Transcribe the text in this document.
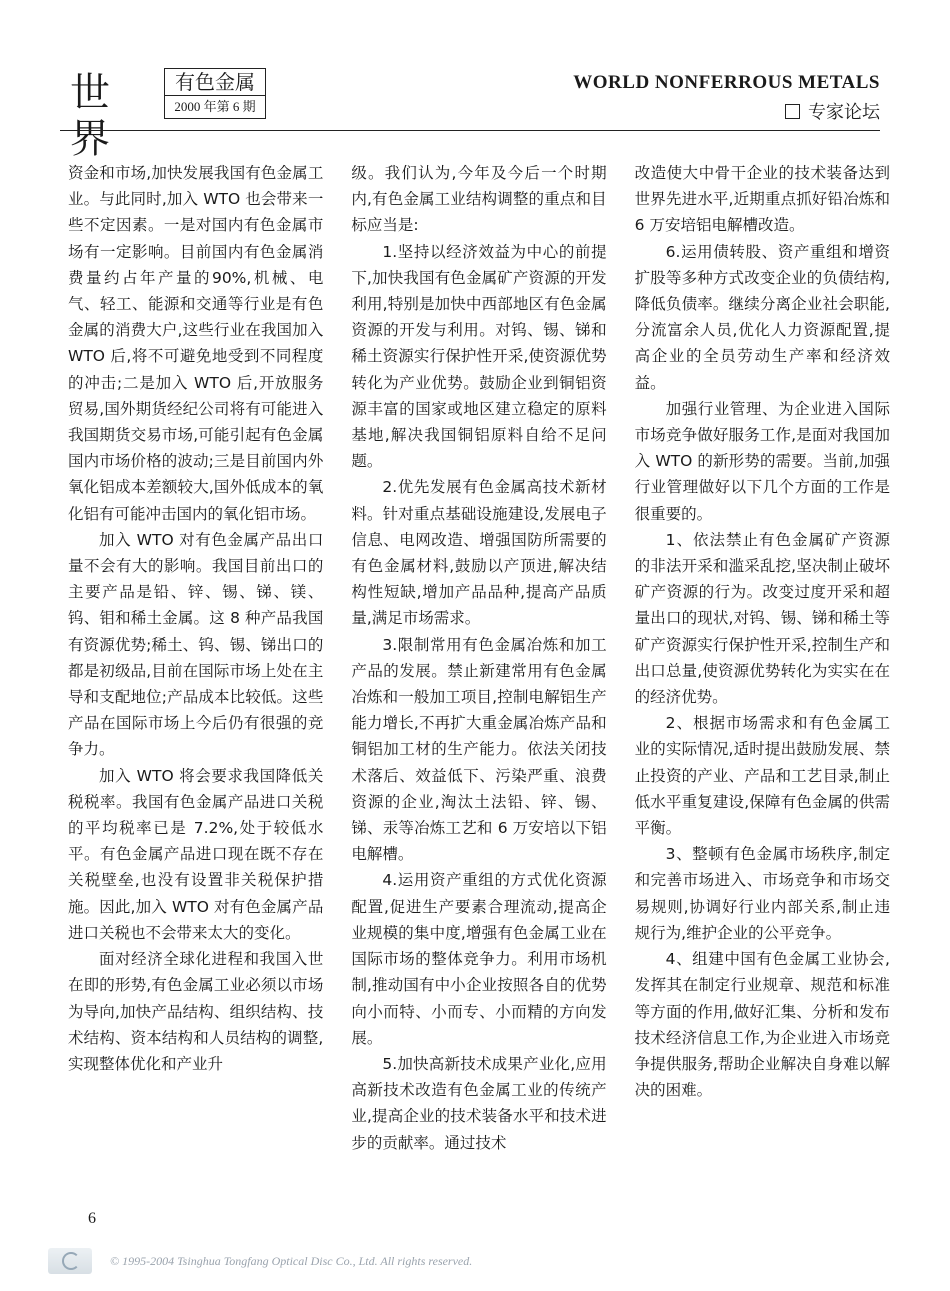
世界
有色金属
2000 年第 6 期
WORLD NONFERROUS METALS
专家论坛

资金和市场,加快发展我国有色金属工业。与此同时,加入 WTO 也会带来一些不定因素。一是对国内有色金属市场有一定影响。目前国内有色金属消费量约占年产量的90%,机械、电气、轻工、能源和交通等行业是有色金属的消费大户,这些行业在我国加入 WTO 后,将不可避免地受到不同程度的冲击;二是加入 WTO 后,开放服务贸易,国外期货经纪公司将有可能进入我国期货交易市场,可能引起有色金属国内市场价格的波动;三是目前国内外氧化铝成本差额较大,国外低成本的氧化铝有可能冲击国内的氧化铝市场。

加入 WTO 对有色金属产品出口量不会有大的影响。我国目前出口的主要产品是铅、锌、锡、锑、镁、钨、钼和稀土金属。这 8 种产品我国有资源优势;稀土、钨、锡、锑出口的都是初级品,目前在国际市场上处在主导和支配地位;产品成本比较低。这些产品在国际市场上今后仍有很强的竞争力。

加入 WTO 将会要求我国降低关税税率。我国有色金属产品进口关税的平均税率已是 7.2%,处于较低水平。有色金属产品进口现在既不存在关税壁垒,也没有设置非关税保护措施。因此,加入 WTO 对有色金属产品进口关税也不会带来太大的变化。

面对经济全球化进程和我国入世在即的形势,有色金属工业必须以市场为导向,加快产品结构、组织结构、技术结构、资本结构和人员结构的调整,实现整体优化和产业升

级。我们认为,今年及今后一个时期内,有色金属工业结构调整的重点和目标应当是:

1.坚持以经济效益为中心的前提下,加快我国有色金属矿产资源的开发利用,特别是加快中西部地区有色金属资源的开发与利用。对钨、锡、锑和稀土资源实行保护性开采,使资源优势转化为产业优势。鼓励企业到铜铝资源丰富的国家或地区建立稳定的原料基地,解决我国铜铝原料自给不足问题。

2.优先发展有色金属高技术新材料。针对重点基础设施建设,发展电子信息、电网改造、增强国防所需要的有色金属材料,鼓励以产顶进,解决结构性短缺,增加产品品种,提高产品质量,满足市场需求。

3.限制常用有色金属冶炼和加工产品的发展。禁止新建常用有色金属冶炼和一般加工项目,控制电解铝生产能力增长,不再扩大重金属冶炼产品和铜铝加工材的生产能力。依法关闭技术落后、效益低下、污染严重、浪费资源的企业,淘汰土法铅、锌、锡、锑、汞等冶炼工艺和 6 万安培以下铝电解槽。

4.运用资产重组的方式优化资源配置,促进生产要素合理流动,提高企业规模的集中度,增强有色金属工业在国际市场的整体竞争力。利用市场机制,推动国有中小企业按照各自的优势向小而特、小而专、小而精的方向发展。

5.加快高新技术成果产业化,应用高新技术改造有色金属工业的传统产业,提高企业的技术装备水平和技术进步的贡献率。通过技术

改造使大中骨干企业的技术装备达到世界先进水平,近期重点抓好铅冶炼和 6 万安培铝电解槽改造。

6.运用债转股、资产重组和增资扩股等多种方式改变企业的负债结构,降低负债率。继续分离企业社会职能,分流富余人员,优化人力资源配置,提高企业的全员劳动生产率和经济效益。

加强行业管理、为企业进入国际市场竞争做好服务工作,是面对我国加入 WTO 的新形势的需要。当前,加强行业管理做好以下几个方面的工作是很重要的。

1、依法禁止有色金属矿产资源的非法开采和滥采乱挖,坚决制止破坏矿产资源的行为。改变过度开采和超量出口的现状,对钨、锡、锑和稀土等矿产资源实行保护性开采,控制生产和出口总量,使资源优势转化为实实在在的经济优势。

2、根据市场需求和有色金属工业的实际情况,适时提出鼓励发展、禁止投资的产业、产品和工艺目录,制止低水平重复建设,保障有色金属的供需平衡。

3、整顿有色金属市场秩序,制定和完善市场进入、市场竞争和市场交易规则,协调好行业内部关系,制止违规行为,维护企业的公平竞争。

4、组建中国有色金属工业协会,发挥其在制定行业规章、规范和标准等方面的作用,做好汇集、分析和发布技术经济信息工作,为企业进入市场竞争提供服务,帮助企业解决自身难以解决的困难。

6
© 1995-2004 Tsinghua Tongfang Optical Disc Co., Ltd. All rights reserved.
